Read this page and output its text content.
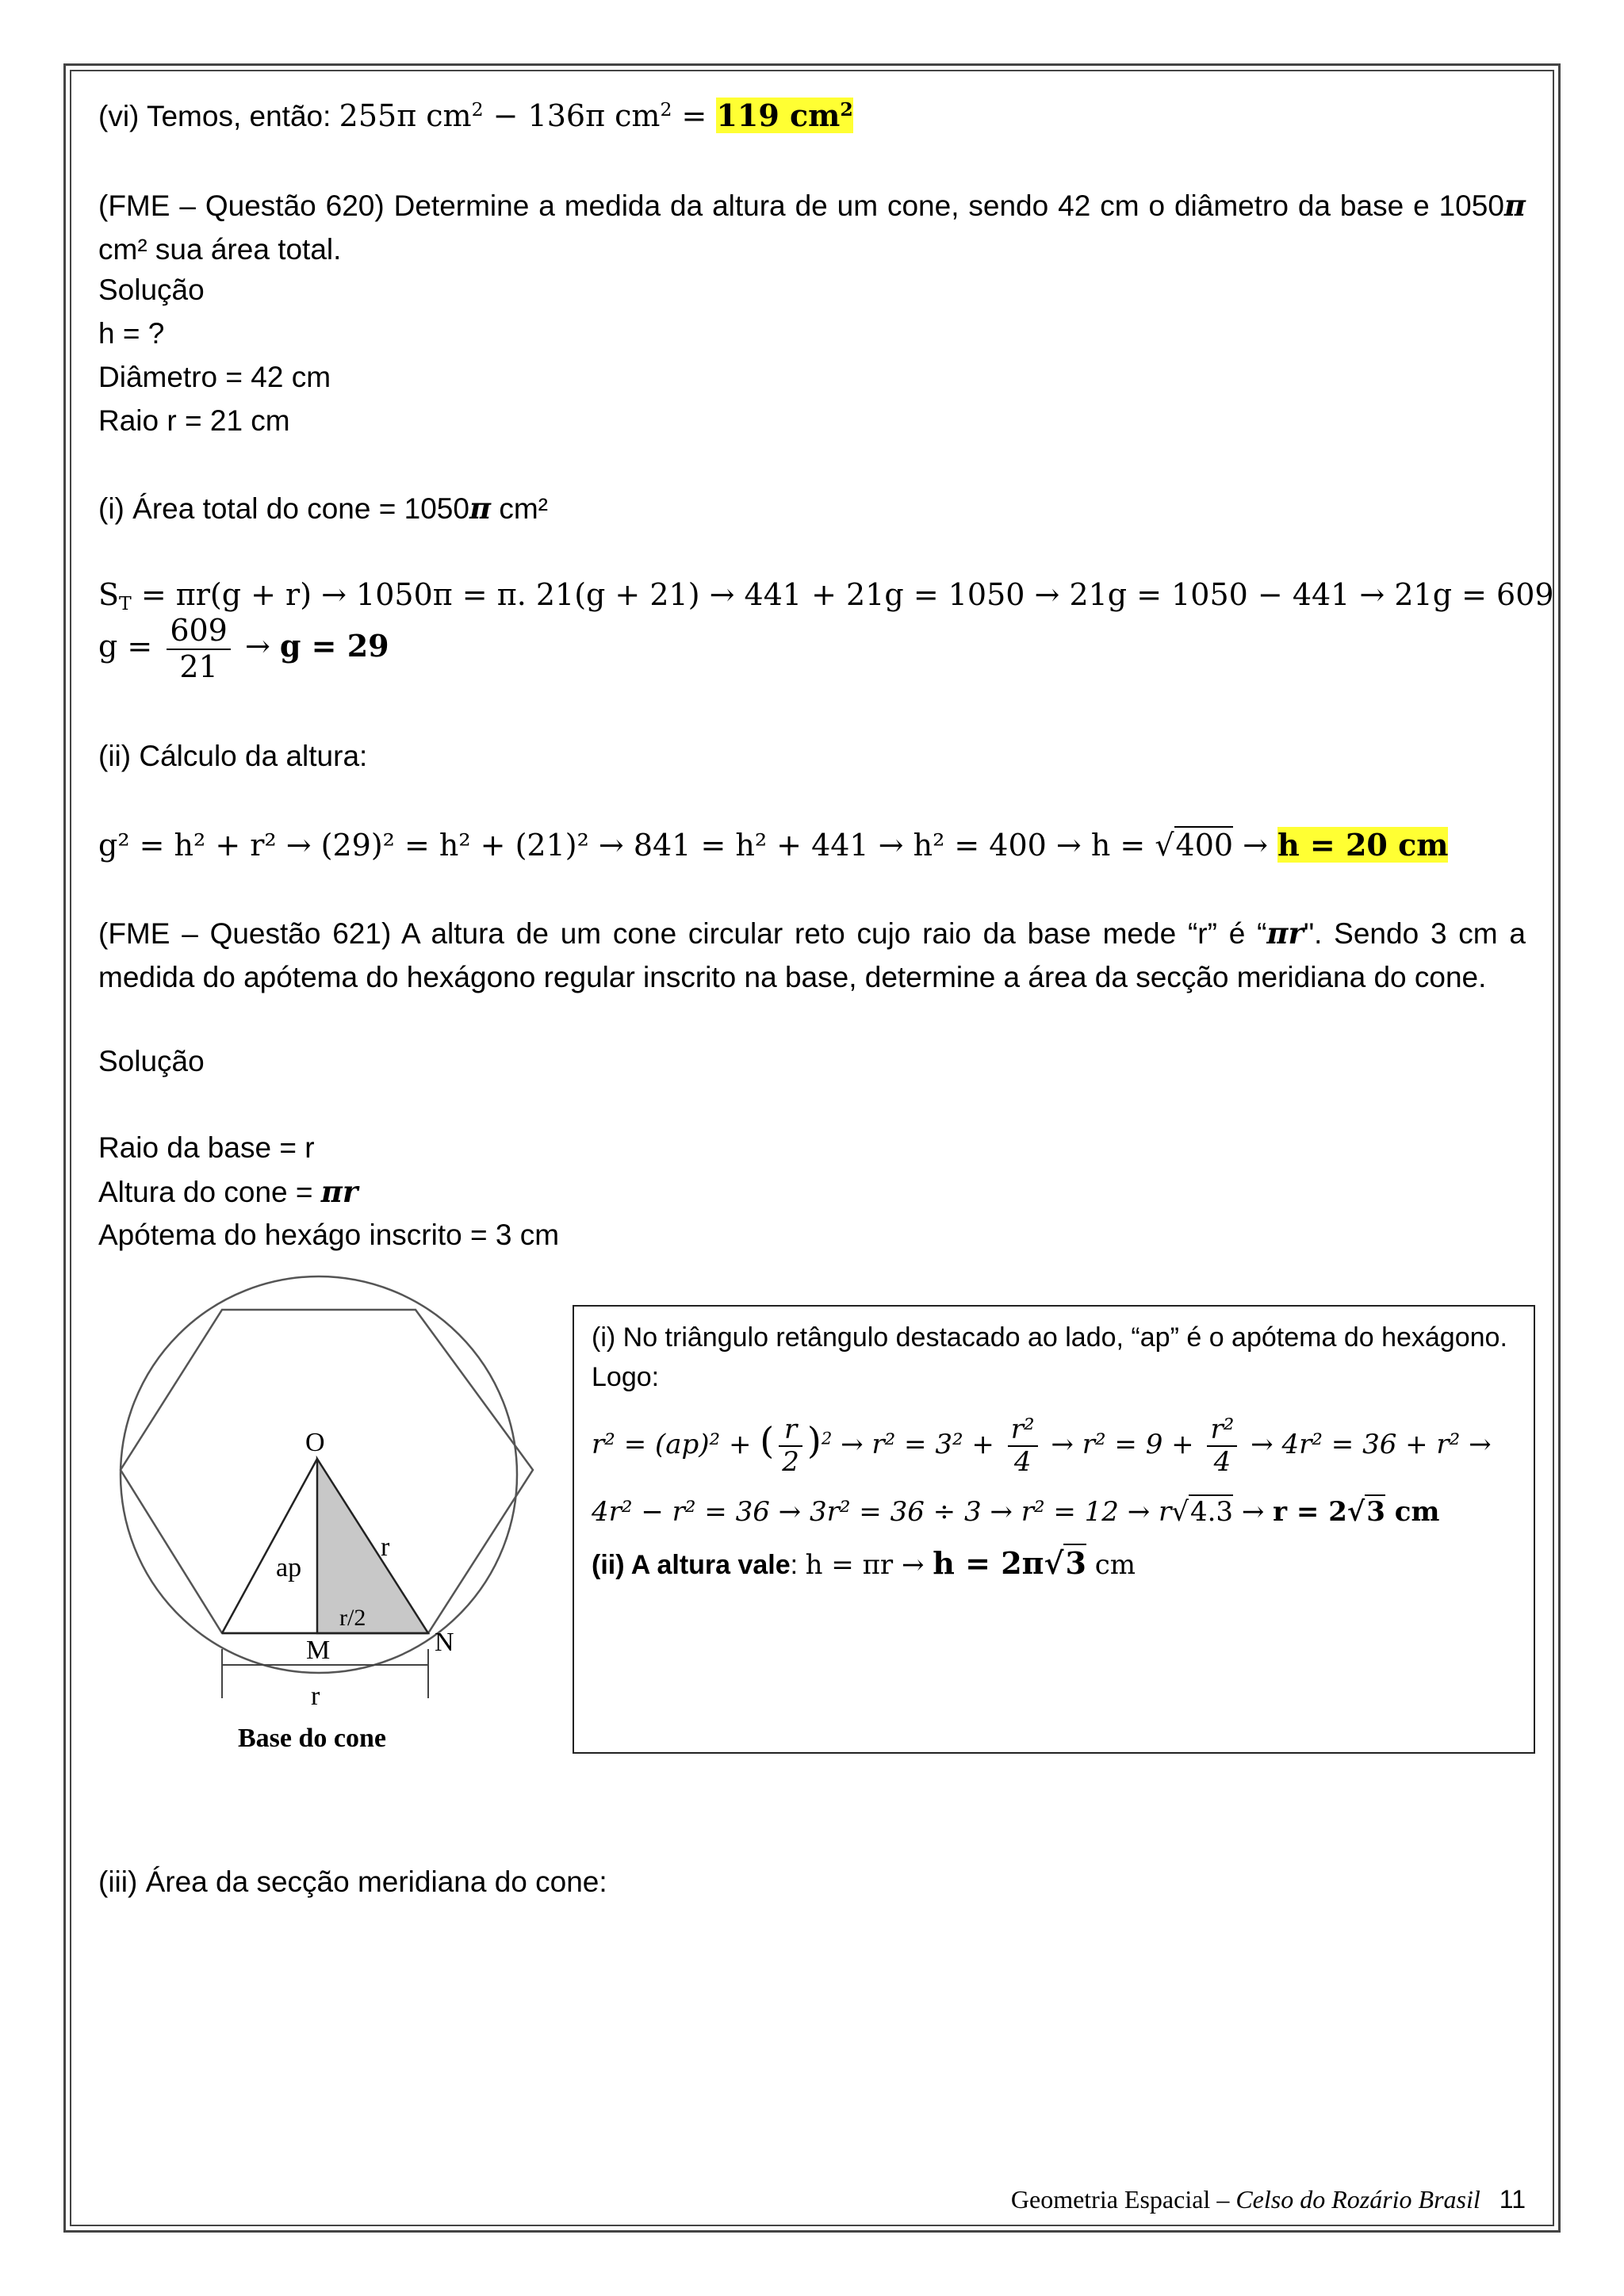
(vi) Temos, então: 255π $cm^2 - 136\pi$ $cm^2 = 119$ $cm^2$
(FME – Questão 620) Determine a medida da altura de um cone, sendo 42 cm o diâmetro da base e 1050π cm² sua área total.
Solução
h = ?
Diâmetro = 42 cm
Raio r = 21 cm
(i) Área total do cone = 1050π cm²
$S_T = \pi r(g + r) \to 1050\pi = \pi$. 21(g + 21) → 441 + 21g = 1050 → 21g = 1050 − 441 → 21g = 609
$g = \frac{609}{21} \to g = 29$
(ii) Cálculo da altura:
g² = h² + r² → (29)² = h² + (21)² → 841 = h² + 441 → h² = 400 → h = √400 → h = 20 cm
(FME – Questão 621) A altura de um cone circular reto cujo raio da base mede “r” é “πr". Sendo 3 cm a medida do apótema do hexágono regular inscrito na base, determine a área da secção meridiana do cone.
Solução
Raio da base = r
Altura do cone = πr
Apótema do hexágo inscrito = 3 cm
O
ap
r
r/2
M	N
r
Base do cone
(i) No triângulo retângulo destacado ao lado, “ap” é o apótema do hexágono. Logo:
r² = (ap)² + ( $\frac{r}{2} )^2 \to r^2 = 3^2 + \frac{\text{r²}}{4} \to r^2 = 9 + \frac{\text{r²}}{4} \to 4r^2 = 36 + r^2$ →
4r² − r² = 36 → 3r² = 36 ÷ 3 → r² = 12 → r√4.3 → r = 2√3 cm
(ii) A altura vale: h = πr → h = 2π√3 cm
(iii) Área da secção meridiana do cone:
Geometria Espacial – Celso do Rozário Brasil 11
